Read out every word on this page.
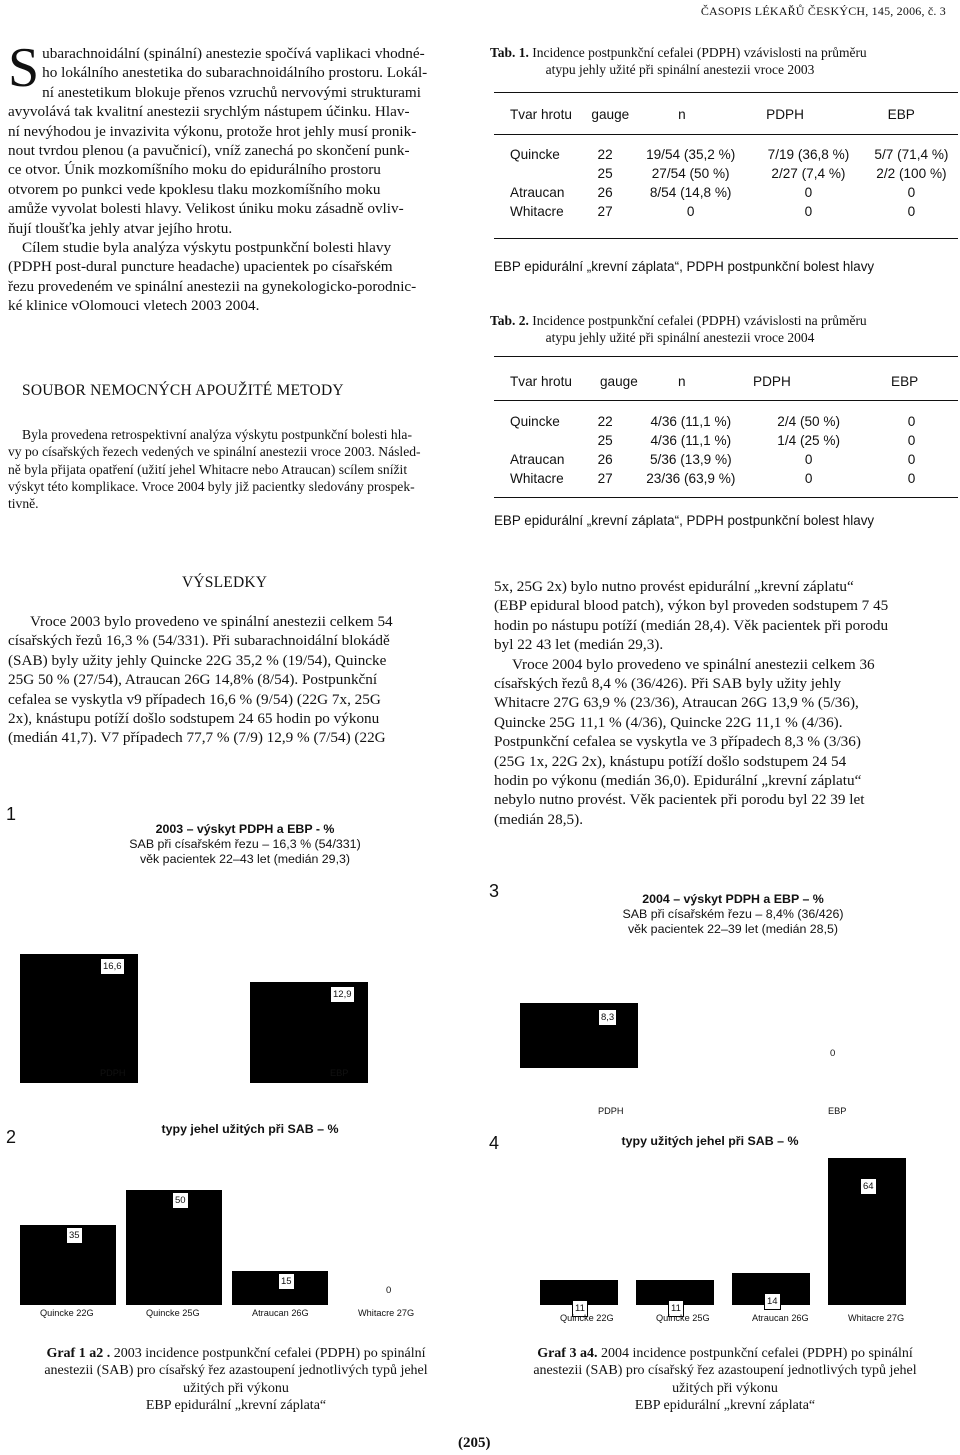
ČASOPIS LÉKAŘŮ ČESKÝCH, 145, 2006, č. 3
S ubarachnoidální (spinální) anestezie spočívá vaplikaci vhodné-
ho lokálního anestetika do subarachnoidálního prostoru. Lokál-
ní anestetikum blokuje přenos vzruchů nervovými strukturami
avyvolává tak kvalitní anestezii srychlým nástupem účinku. Hlav-
ní nevýhodou je invazivita výkonu, protože hrot jehly musí pronik-
nout tvrdou plenou (a pavučnicí), vníž zanechá po skončení punk-
ce otvor. Únik mozkomíšního moku do epidurálního prostoru
otvorem po punkci vede kpoklesu tlaku mozkomíšního moku
amůže vyvolat bolesti hlavy. Velikost úniku moku zásadně ovliv-
ňují tloušťka jehly atvar jejího hrotu.
Cílem studie byla analýza výskytu postpunkční bolesti hlavy
(PDPH post-dural puncture headache) upacientek po císařském
řezu provedeném ve spinální anestezii na gynekologicko-porodnic-
ké klinice vOlomouci vletech 2003 2004.
SOUBOR NEMOCNÝCH APOUŽITÉ METODY
Byla provedena retrospektivní analýza výskytu postpunkční bolesti hla-
vy po císařských řezech vedených ve spinální anestezii vroce 2003. Násled-
ně byla přijata opatření (užití jehel Whitacre nebo Atraucan) scílem snížit
výskyt této komplikace. Vroce 2004 byly již pacientky sledovány prospek-
tivně.
Tab. 1. Incidence postpunkční cefalei (PDPH) vzávislosti na průměru
atypu jehly užité při spinální anestezii vroce 2003
Tvar hrotu	gauge	n	PDPH	EBP
Quincke	22	19/54 (35,2 %)	7/19 (36,8 %)	5/7 (71,4 %)
	25	27/54 (50 %)	2/27 (7,4 %)	2/2 (100 %)
Atraucan	26	8/54 (14,8 %)	0	0
Whitacre	27	0	0	0
EBP epidurální „krevní záplata“, PDPH postpunkční bolest hlavy
Tab. 2. Incidence postpunkční cefalei (PDPH) vzávislosti na průměru
atypu jehly užité při spinální anestezii vroce 2004
Tvar hrotu	gauge	n	PDPH	EBP
Quincke	22	4/36 (11,1 %)	2/4 (50 %)	0
	25	4/36 (11,1 %)	1/4 (25 %)	0
Atraucan	26	5/36 (13,9 %)	0	0
Whitacre	27	23/36 (63,9 %)	0	0
EBP epidurální „krevní záplata“, PDPH postpunkční bolest hlavy
VÝSLEDKY
Vroce 2003 bylo provedeno ve spinální anestezii celkem 54
císařských řezů 16,3 % (54/331). Při subarachnoidální blokádě
(SAB) byly užity jehly Quincke 22G 35,2 % (19/54), Quincke
25G 50 % (27/54), Atraucan 26G 14,8% (8/54). Postpunkční
cefalea se vyskytla v9 případech 16,6 % (9/54) (22G 7x, 25G
2x), knástupu potíží došlo sodstupem 24 65 hodin po výkonu
(medián 41,7). V7 případech 77,7 % (7/9) 12,9 % (7/54) (22G
5x, 25G 2x) bylo nutno provést epidurální „krevní záplatu“
(EBP epidural blood patch), výkon byl proveden sodstupem 7 45
hodin po nástupu potíží (medián 28,4). Věk pacientek při porodu
byl 22 43 let (medián 29,3).
Vroce 2004 bylo provedeno ve spinální anestezii celkem 36
císařských řezů 8,4 % (36/426). Při SAB byly užity jehly
Whitacre 27G 63,9 % (23/36), Atraucan 26G 13,9 % (5/36),
Quincke 25G 11,1 % (4/36), Quincke 22G 11,1 % (4/36).
Postpunkční cefalea se vyskytla ve 3 případech 8,3 % (3/36)
(25G 1x, 22G 2x), knástupu potíží došlo sodstupem 24 54
hodin po výkonu (medián 36,0). Epidurální „krevní záplatu“
nebylo nutno provést. Věk pacientek při porodu byl 22 39 let
(medián 28,5).
1
2003 – výskyt PDPH a EBP - %
SAB při císařském řezu – 16,3 % (54/331)
věk pacientek 22–43 let (medián 29,3)
16,6
PDPH
12,9
EBP
2	typy jehel užitých při SAB – %
35
Quincke 22G
50
Quincke 25G
15
Atraucan 26G
0
Whitacre 27G
3	2004 – výskyt PDPH a EBP – %
SAB při císařském řezu – 8,4% (36/426)
věk pacientek 22–39 let (medián 28,5)
8,3
PDPH
0
EBP
4	typy užitých jehel při SAB – %
11
Quincke 22G
11
Quincke 25G
14
Atraucan 26G
64
Whitacre 27G
Graf 1 a2 . 2003 incidence postpunkční cefalei (PDPH) po spinální
anestezii (SAB) pro císařský řez azastoupení jednotlivých typů jehel
užitých při výkonu
EBP epidurální „krevní záplata“
Graf 3 a4. 2004 incidence postpunkční cefalei (PDPH) po spinální
anestezii (SAB) pro císařský řez azastoupení jednotlivých typů jehel
užitých při výkonu
EBP epidurální „krevní záplata“
(205)
